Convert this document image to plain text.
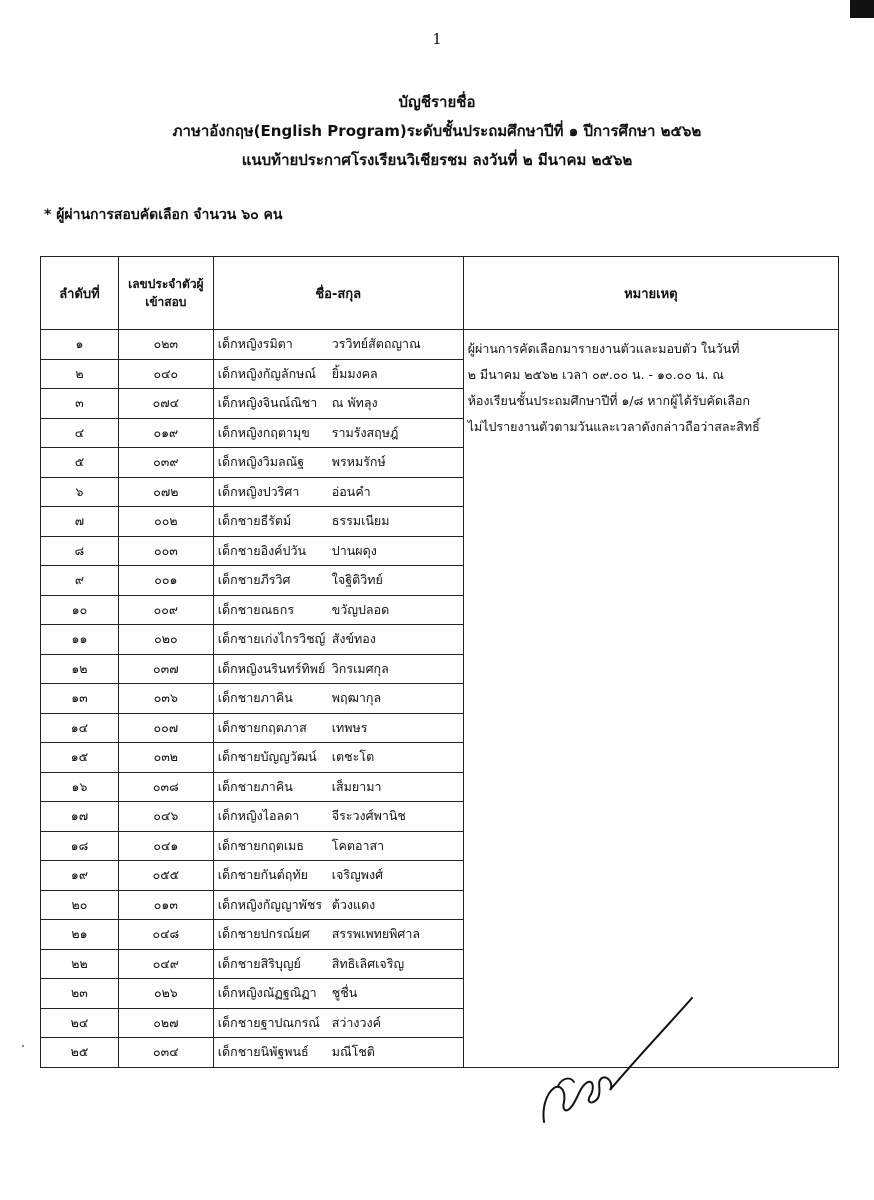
1
บัญชีรายชื่อ
ภาษาอังกฤษ(English Program)ระดับชั้นประถมศึกษาปีที่ ๑ ปีการศึกษา ๒๕๖๒
แนบท้ายประกาศโรงเรียนวิเชียรชม ลงวันที่ ๒ มีนาคม ๒๕๖๒
* ผู้ผ่านการสอบคัดเลือก จำนวน ๖๐ คน
ลำดับที่	เลขประจำตัวผู้เข้าสอบ	ชื่อ-สกุล	หมายเหตุ
๑	๐๒๓	เด็กหญิงรมิตา วรวิทย์สัตถญาณ	ผู้ผ่านการคัดเลือกมารายงานตัวและมอบตัว ในวันที่
๒ มีนาคม ๒๕๖๒ เวลา ๐๙.๐๐ น. - ๑๐.๐๐ น. ณ
ห้องเรียนชั้นประถมศึกษาปีที่ ๑/๘ หากผู้ได้รับคัดเลือก
ไม่ไปรายงานตัวตามวันและเวลาดังกล่าวถือว่าสละสิทธิ์

๒	๐๔๐	เด็กหญิงกัญลักษณ์ ยิ้มมงคล	
๓	๐๗๔	เด็กหญิงจินณ์ณิชา ณ พัทลุง	
๔	๐๑๙	เด็กหญิงกฤตามุข รามรังสฤษฎ์	
๕	๐๓๙	เด็กหญิงวิมลณัฐ พรหมรักษ์	
๖	๐๗๒	เด็กหญิงปวริศา อ่อนคำ	
๗	๐๐๒	เด็กชายธีรัตม์ ธรรมเนียม	
๘	๐๐๓	เด็กชายอิงค์ปวัน ปานผดุง	
๙	๐๐๑	เด็กชายภีรวิศ ใจฐิติวิทย์	
๑๐	๐๐๙	เด็กชายณธกร ขวัญปลอด	
๑๑	๐๒๐	เด็กชายเก่งไกรวิชญ์ สังข์ทอง	
๑๒	๐๓๗	เด็กหญิงนรินทร์ทิพย์ วิกรเมศกุล	
๑๓	๐๓๖	เด็กชายภาคิน พฤฒากุล	
๑๔	๐๐๗	เด็กชายกฤตภาส เทพษร	
๑๕	๐๓๒	เด็กชายบัญญวัฒน์ เตชะโต	
๑๖	๐๓๘	เด็กชายภาคิน เส็มยามา	
๑๗	๐๔๖	เด็กหญิงไอลดา จีระวงศ์พานิช	
๑๘	๐๔๑	เด็กชายกฤตเมธ โคตอาสา	
๑๙	๐๕๕	เด็กชายกันต์ฤทัย เจริญพงศ์	
๒๐	๐๑๓	เด็กหญิงกัญญาพัชร ต้วงแดง	
๒๑	๐๔๘	เด็กชายปกรณ์ยศ สรรพเพทยพิศาล	
๒๒	๐๔๙	เด็กชายสิริบุญย์ สิทธิเลิศเจริญ	
๒๓	๐๒๖	เด็กหญิงณัฏฐณิฏา ชูชื่น	
๒๔	๐๒๗	เด็กชายฐาปณกรณ์ สว่างวงค์	
๒๕	๐๓๔	เด็กชายนิพัฐพนธ์ มณีโชติ	
